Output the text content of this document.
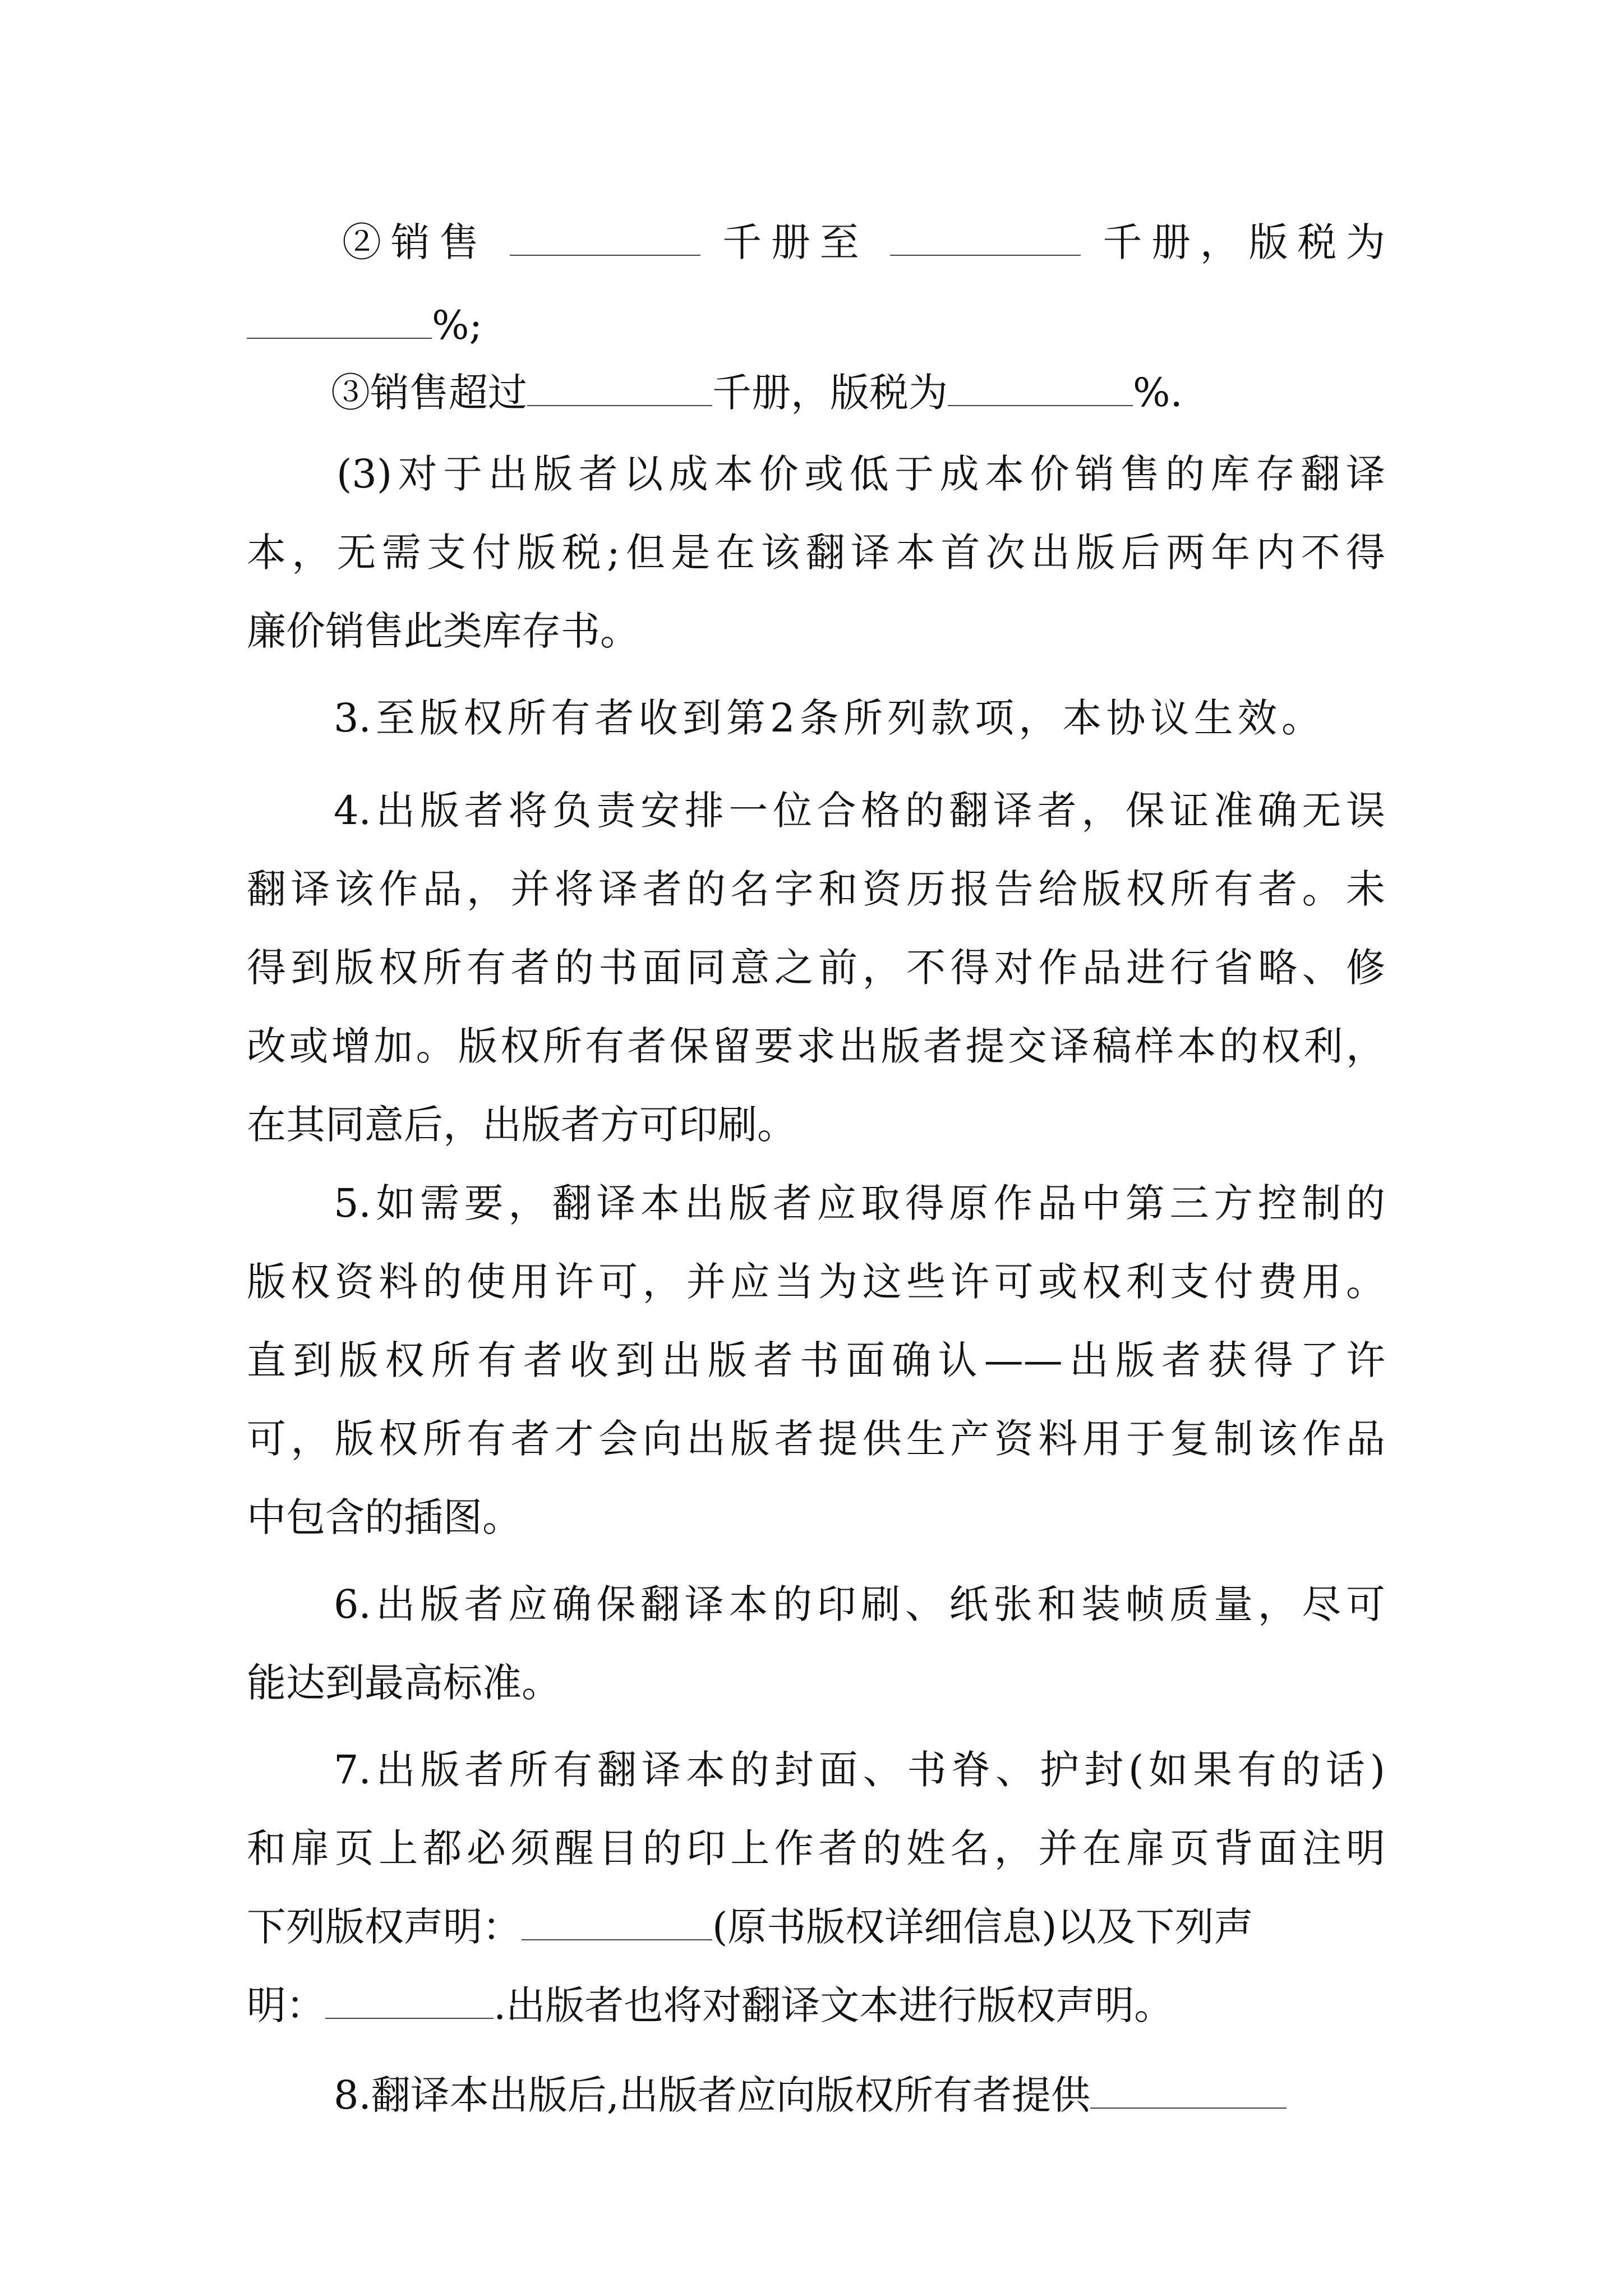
②销售	千册至	千册，版税为
%;
③销售超过	千册，版税为	%.
(3)对于出版者以成本价或低于成本价销售的库存翻译
本，无需支付版税;但是在该翻译本首次出版后两年内不得
廉价销售此类库存书。
3.至版权所有者收到第2条所列款项，本协议生效。
4.出版者将负责安排一位合格的翻译者，保证准确无误
翻译该作品，并将译者的名字和资历报告给版权所有者。未
得到版权所有者的书面同意之前，不得对作品进行省略、修
改或增加。版权所有者保留要求出版者提交译稿样本的权利，
在其同意后，出版者方可印刷。
5.如需要，翻译本出版者应取得原作品中第三方控制的
版权资料的使用许可，并应当为这些许可或权利支付费用。
直到版权所有者收到出版者书面确认——出版者获得了许
可，版权所有者才会向出版者提供生产资料用于复制该作品
中包含的插图。
6.出版者应确保翻译本的印刷、纸张和装帧质量，尽可
能达到最高标准。
7.出版者所有翻译本的封面、书脊、护封(如果有的话)
和扉页上都必须醒目的印上作者的姓名，并在扉页背面注明
下列版权声明：	(原书版权详细信息)以及下列声
明：	.出版者也将对翻译文本进行版权声明。
8.翻译本出版后,出版者应向版权所有者提供
